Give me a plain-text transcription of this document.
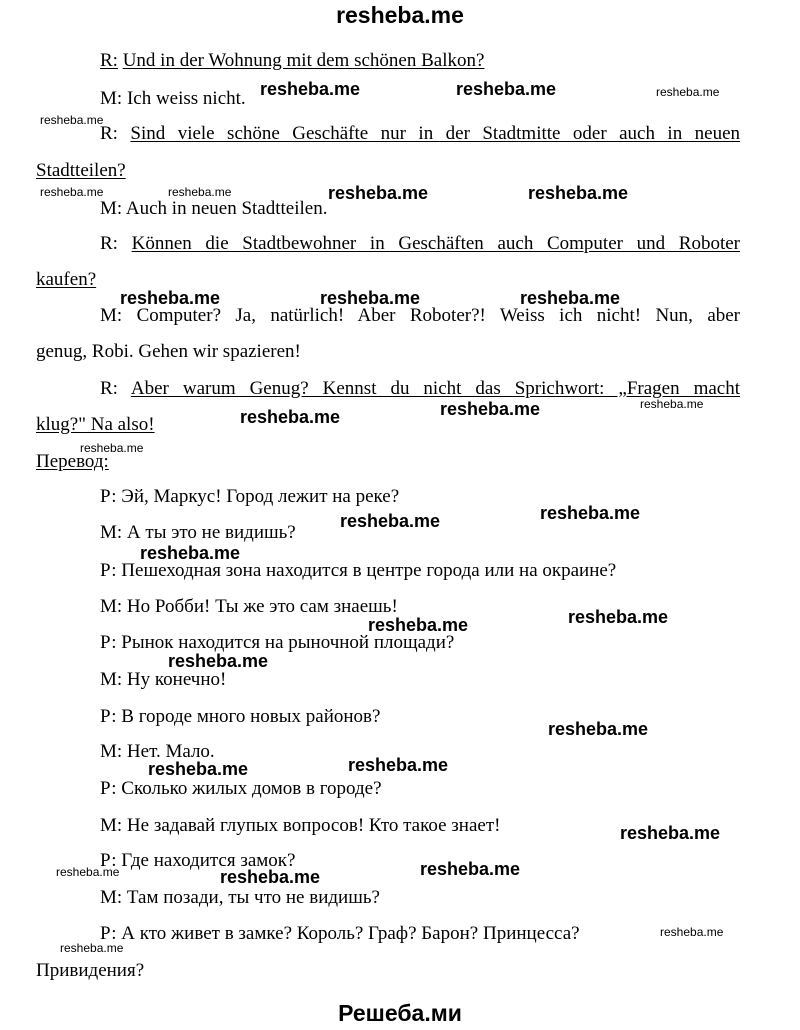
resheba.me
R: Und in der Wohnung mit dem schönen Balkon?
M: Ich weiss nicht.
R: Sind viele schöne Geschäfte nur in der Stadtmitte oder auch in neuen
Stadtteilen?
M: Auch in neuen Stadtteilen.
R: Können die Stadtbewohner in Geschäften auch Computer und Roboter
kaufen?
M: Computer? Ja, natürlich! Aber Roboter?! Weiss ich nicht! Nun, aber
genug, Robi. Gehen wir spazieren!
R: Aber warum Genug? Kennst du nicht das Sprichwort: „Fragen macht
klug?" Na also!
Перевод:
Р: Эй, Маркус! Город лежит на реке?
М: А ты это не видишь?
Р: Пешеходная зона находится в центре города или на окраине?
М: Но Робби! Ты же это сам знаешь!
Р: Рынок находится на рыночной площади?
М: Ну конечно!
Р: В городе много новых районов?
М: Нет. Мало.
Р: Сколько жилых домов в городе?
М: Не задавай глупых вопросов! Кто такое знает!
Р: Где находится замок?
М: Там позади, ты что не видишь?
Р: А кто живет в замке? Король? Граф? Барон? Принцесса?
Привидения?
Решеба.ми
resheba.me	resheba.me	resheba.me
resheba.me
resheba.me	resheba.me	resheba.me	resheba.me
resheba.me	resheba.me	resheba.me
resheba.me	resheba.me
resheba.me
resheba.me
resheba.me
resheba.me
resheba.me
resheba.me
resheba.me
resheba.me
resheba.me
resheba.me
resheba.me
resheba.me
resheba.me
resheba.me	resheba.me
resheba.me
resheba.me
